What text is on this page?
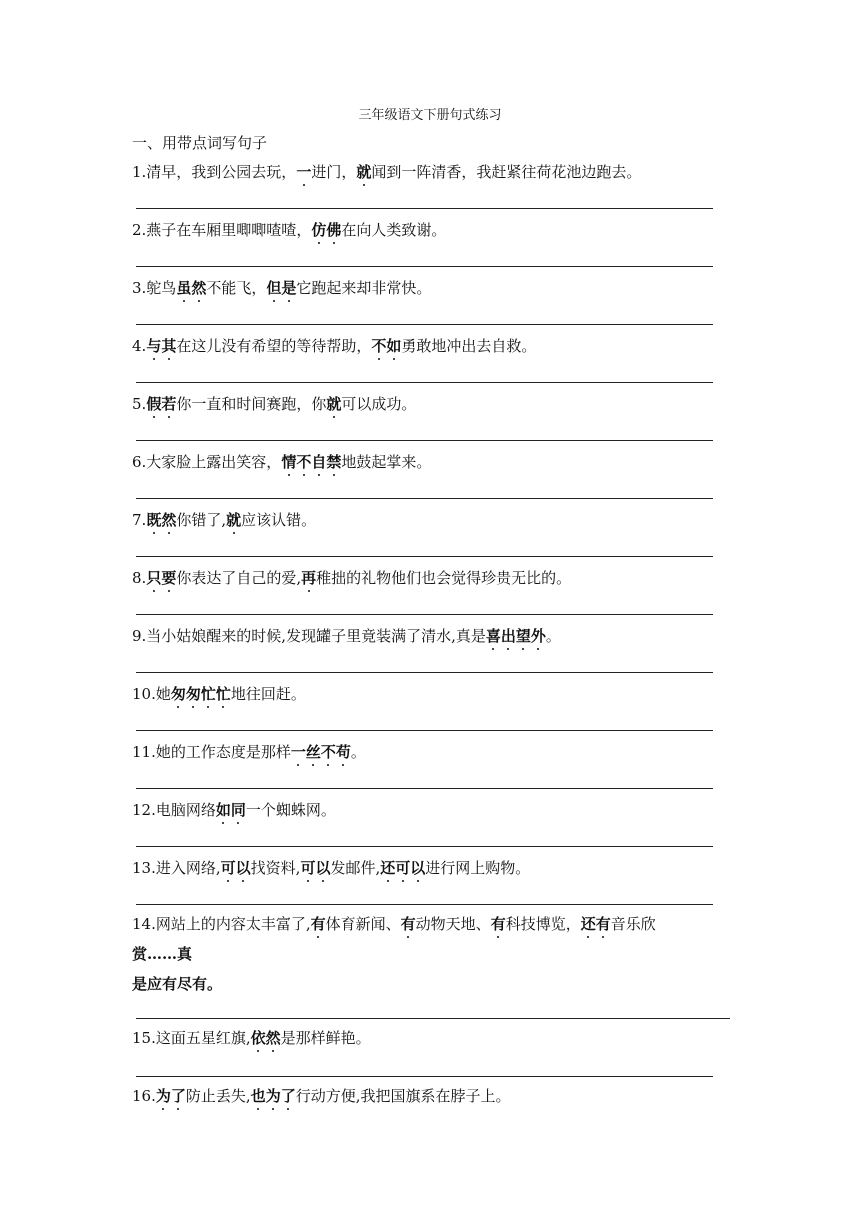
三年级语文下册句式练习
一、用带点词写句子
1.清早，我到公园去玩，一进门，就闻到一阵清香，我赶紧往荷花池边跑去。
2.燕子在车厢里唧唧喳喳，仿佛在向人类致谢。
3.鸵鸟虽然不能飞，但是它跑起来却非常快。
4.与其在这儿没有希望的等待帮助，不如勇敢地冲出去自救。
5.假若你一直和时间赛跑，你就可以成功。
6.大家脸上露出笑容，情不自禁地鼓起掌来。
7.既然你错了,就应该认错。
8.只要你表达了自己的爱,再稚拙的礼物他们也会觉得珍贵无比的。
9.当小姑娘醒来的时候,发现罐子里竟装满了清水,真是喜出望外。
10.她匆匆忙忙地往回赶。
11.她的工作态度是那样一丝不苟。
12.电脑网络如同一个蜘蛛网。
13.进入网络,可以找资料,可以发邮件,还可以进行网上购物。
14.网站上的内容太丰富了,有体育新闻、有动物天地、有科技博览，还有音乐欣
15.这面五星红旗,依然是那样鲜艳。
16.为了防止丢失,也为了行动方便,我把国旗系在脖子上。
赏……真
是应有尽有。
